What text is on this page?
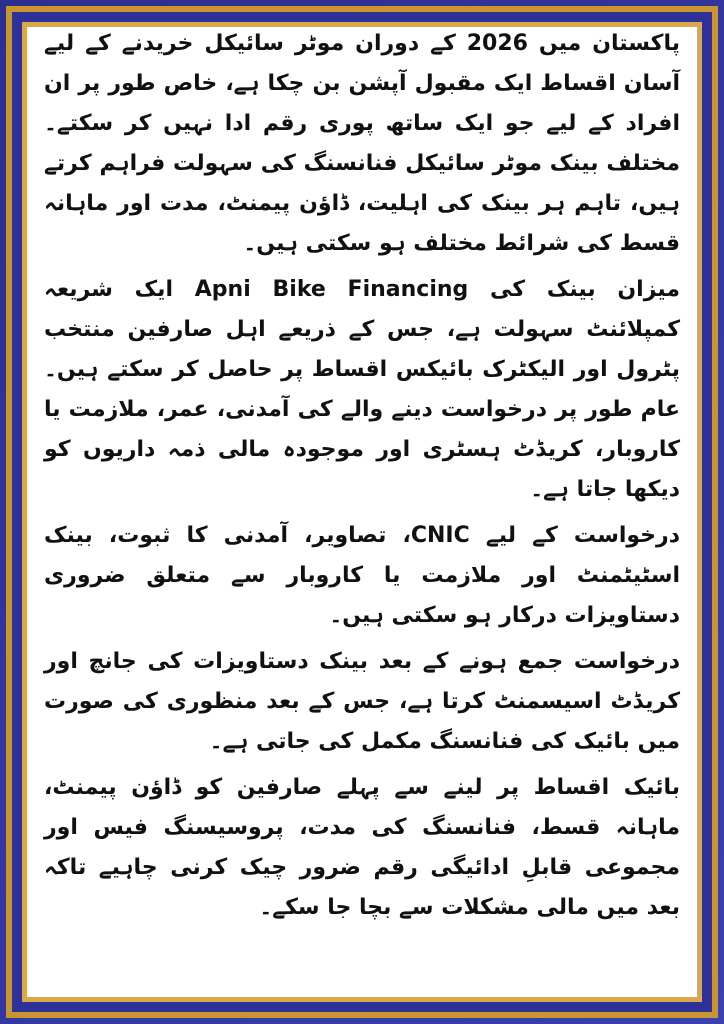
پاکستان میں 2026 کے دوران موٹر سائیکل خریدنے کے لیے آسان اقساط ایک مقبول آپشن بن چکا ہے، خاص طور پر ان افراد کے لیے جو ایک ساتھ پوری رقم ادا نہیں کر سکتے۔ مختلف بینک موٹر سائیکل فنانسنگ کی سہولت فراہم کرتے ہیں، تاہم ہر بینک کی اہلیت، ڈاؤن پیمنٹ، مدت اور ماہانہ قسط کی شرائط مختلف ہو سکتی ہیں۔

میزان بینک کی Apni Bike Financing ایک شریعہ کمپلائنٹ سہولت ہے، جس کے ذریعے اہل صارفین منتخب پٹرول اور الیکٹرک بائیکس اقساط پر حاصل کر سکتے ہیں۔ عام طور پر درخواست دینے والے کی آمدنی، عمر، ملازمت یا کاروبار، کریڈٹ ہسٹری اور موجودہ مالی ذمہ داریوں کو دیکھا جاتا ہے۔

درخواست کے لیے CNIC، تصاویر، آمدنی کا ثبوت، بینک اسٹیٹمنٹ اور ملازمت یا کاروبار سے متعلق ضروری دستاویزات درکار ہو سکتی ہیں۔

درخواست جمع ہونے کے بعد بینک دستاویزات کی جانچ اور کریڈٹ اسیسمنٹ کرتا ہے، جس کے بعد منظوری کی صورت میں بائیک کی فنانسنگ مکمل کی جاتی ہے۔

بائیک اقساط پر لینے سے پہلے صارفین کو ڈاؤن پیمنٹ، ماہانہ قسط، فنانسنگ کی مدت، پروسیسنگ فیس اور مجموعی قابلِ ادائیگی رقم ضرور چیک کرنی چاہیے تاکہ بعد میں مالی مشکلات سے بچا جا سکے۔
